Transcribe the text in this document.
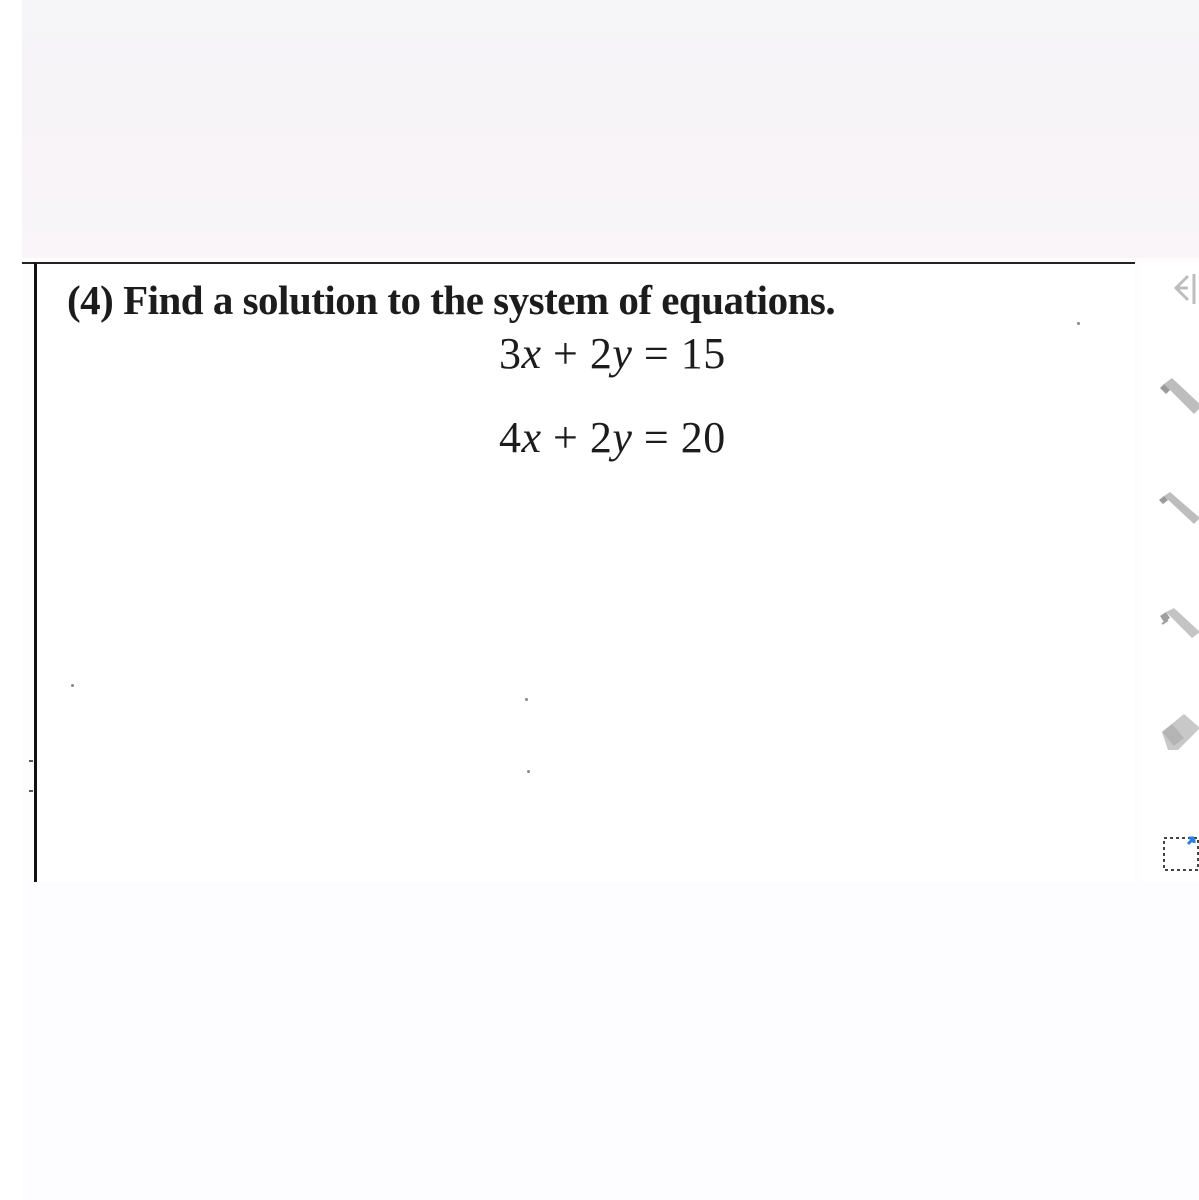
(4) Find a solution to the system of equations.
3x + 2y = 15
4x + 2y = 20
